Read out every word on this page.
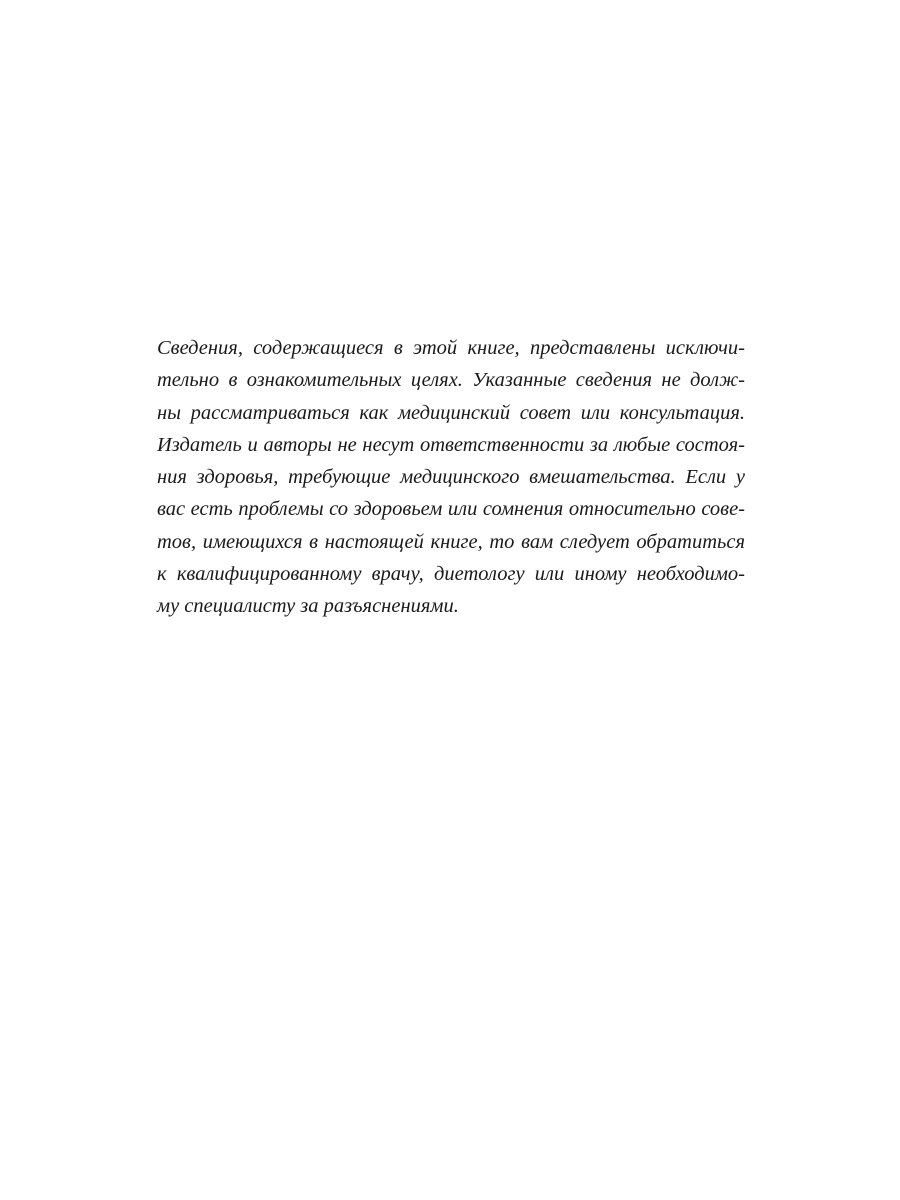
Сведения, содержащиеся в этой книге, представлены исключи-
тельно в ознакомительных целях. Указанные сведения не долж-
ны рассматриваться как медицинский совет или консультация.
Издатель и авторы не несут ответственности за любые состоя-
ния здоровья, требующие медицинского вмешательства. Если у
вас есть проблемы со здоровьем или сомнения относительно сове-
тов, имеющихся в настоящей книге, то вам следует обратиться
к квалифицированному врачу, диетологу или иному необходимо-
му специалисту за разъяснениями.
